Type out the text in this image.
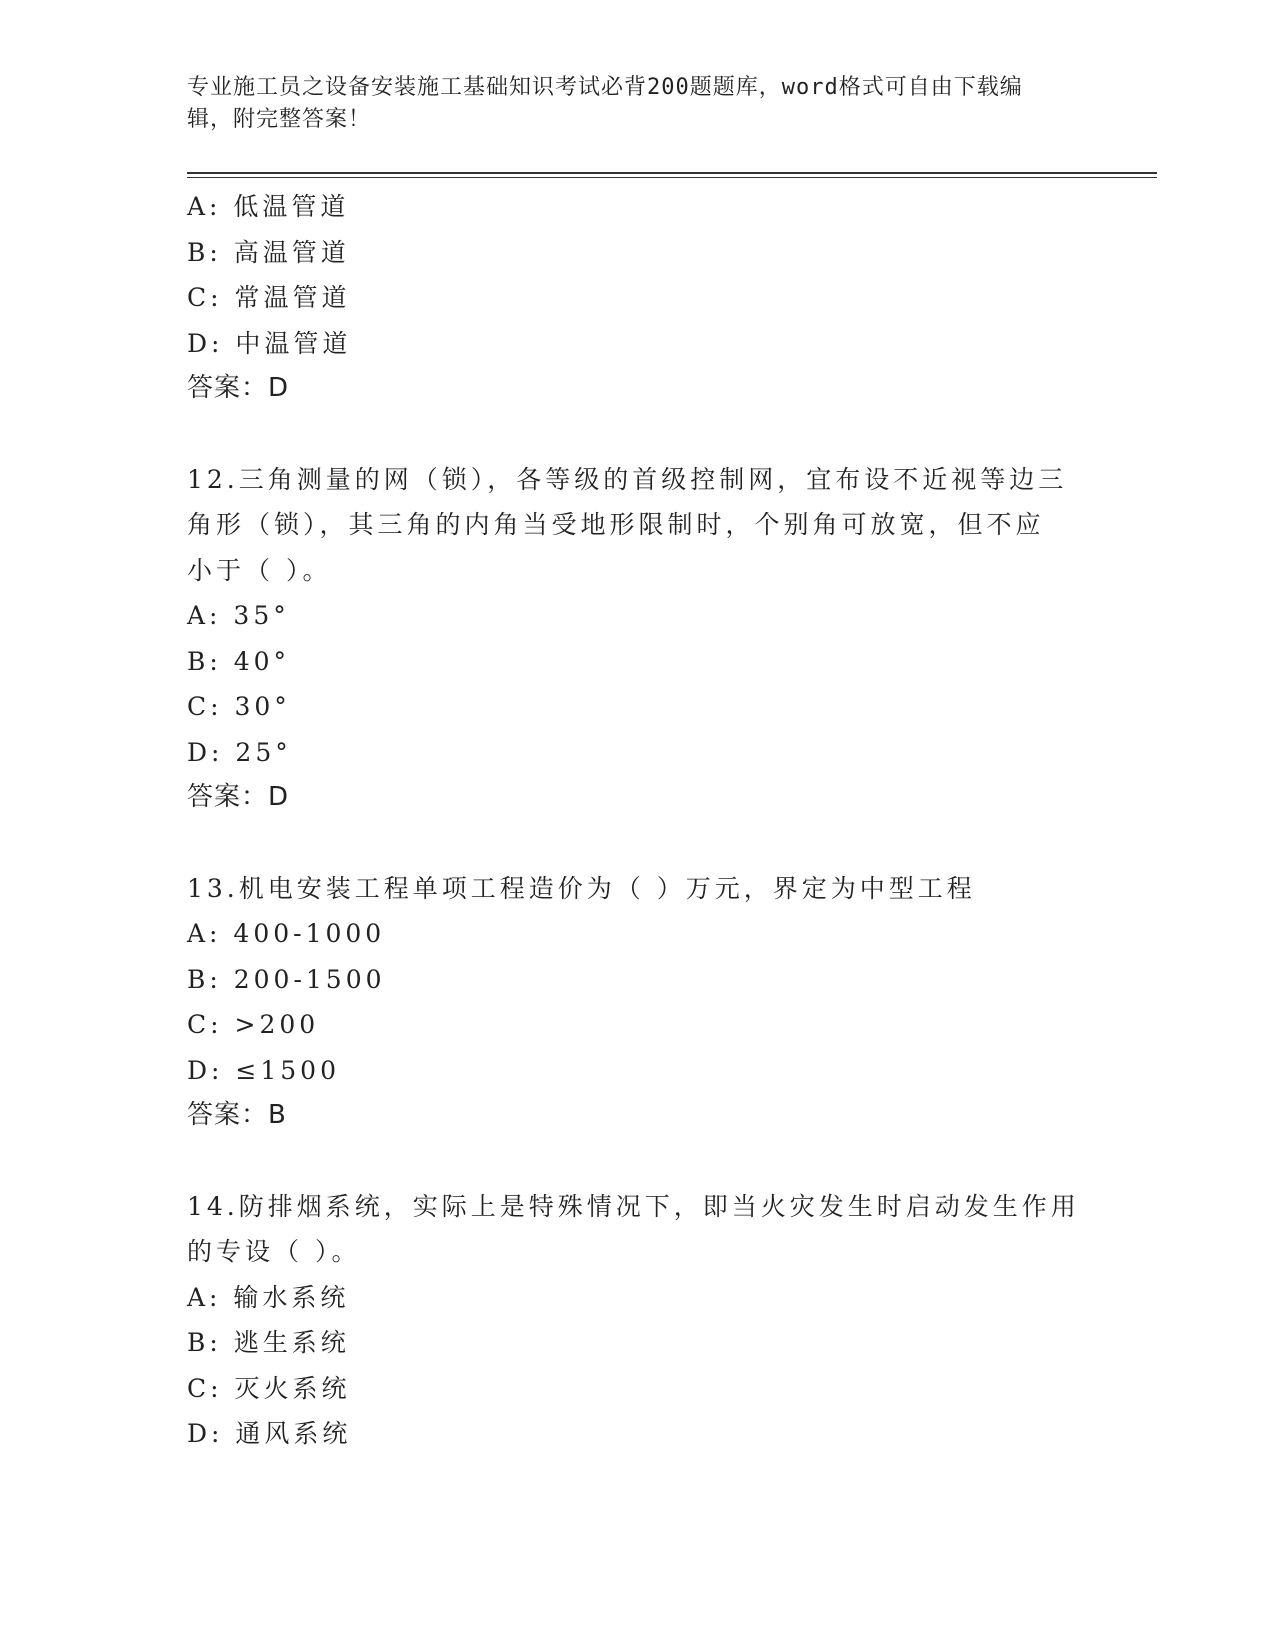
专业施工员之设备安装施工基础知识考试必背200题题库，word格式可自由下载编辑，附完整答案！

A: 低温管道
B: 高温管道
C: 常温管道
D: 中温管道
答案：D
12.三角测量的网（锁），各等级的首级控制网，宜布设不近视等边三
角形（锁），其三角的内角当受地形限制时，个别角可放宽，但不应
小于（ ）。
A: 35°
B: 40°
C: 30°
D: 25°
答案：D
13.机电安装工程单项工程造价为（ ）万元，界定为中型工程
A: 400-1000
B: 200-1500
C: >200
D: ≤1500
答案：B
14.防排烟系统，实际上是特殊情况下，即当火灾发生时启动发生作用
的专设（ ）。
A: 输水系统
B: 逃生系统
C: 灭火系统
D: 通风系统
